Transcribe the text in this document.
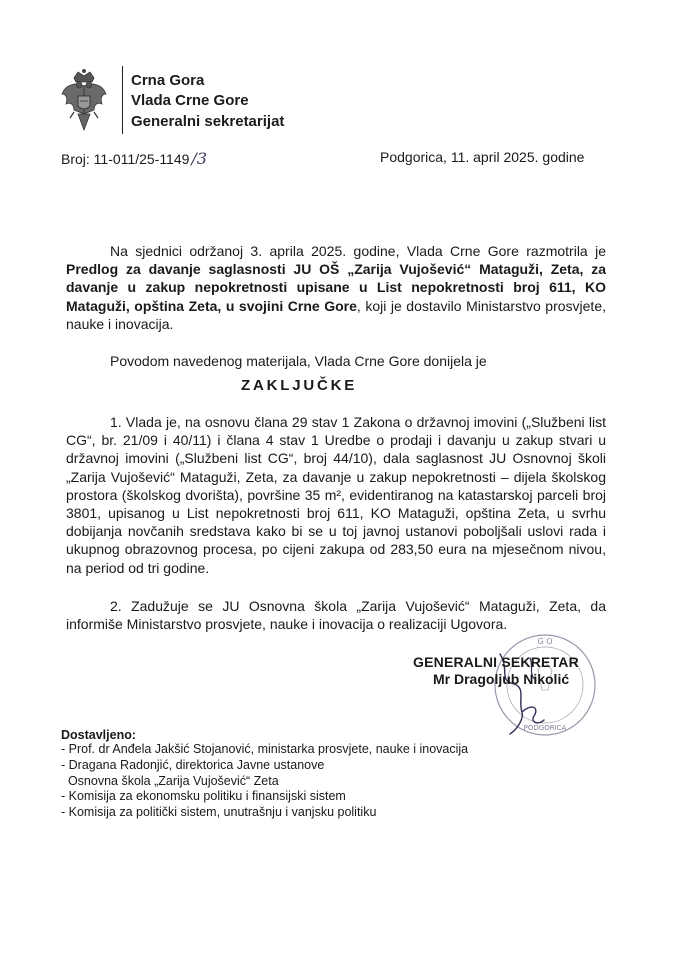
Crna Gora
Vlada Crne Gore
Generalni sekretarijat
Broj: 11-011/25-1149 /3	Podgorica, 11. april 2025. godine

Na sjednici održanoj 3. aprila 2025. godine, Vlada Crne Gore razmotrila je Predlog za davanje saglasnosti JU OŠ „Zarija Vujošević“ Mataguži, Zeta, za davanje u zakup nepokretnosti upisane u List nepokretnosti broj 611, KO Mataguži, opština Zeta, u svojini Crne Gore, koji je dostavilo Ministarstvo prosvjete, nauke i inovacija.

Povodom navedenog materijala, Vlada Crne Gore donijela je
ZAKLJUČKE

1. Vlada je, na osnovu člana 29 stav 1 Zakona o državnoj imovini („Službeni list CG“, br. 21/09 i 40/11) i člana 4 stav 1 Uredbe o prodaji i davanju u zakup stvari u državnoj imovini („Službeni list CG“, broj 44/10), dala saglasnost JU Osnovnoj školi „Zarija Vujošević“ Mataguži, Zeta, za davanje u zakup nepokretnosti – dijela školskog prostora (školskog dvorišta), površine 35 m², evidentiranog na katastarskoj parceli broj 3801, upisanog u List nepokretnosti broj 611, KO Mataguži, opština Zeta, u svrhu dobijanja novčanih sredstava kako bi se u toj javnoj ustanovi poboljšali uslovi rada i ukupnog obrazovnog procesa, po cijeni zakupa od 283,50 eura na mjesečnom nivou, na period od tri godine.

2. Zadužuje se JU Osnovna škola „Zarija Vujošević“ Mataguži, Zeta, da informiše Ministarstvo prosvjete, nauke i inovacija o realizaciji Ugovora.

G O
PODGORICA
GENERALNI SEKRETAR
Mr Dragoljub Nikolić
Dostavljeno:
- Prof. dr Anđela Jakšić Stojanović, ministarka prosvjete, nauke i inovacija
- Dragana Radonjić, direktorica Javne ustanove
Osnovna škola „Zarija Vujošević“ Zeta
- Komisija za ekonomsku politiku i finansijski sistem
- Komisija za politički sistem, unutrašnju i vanjsku politiku
